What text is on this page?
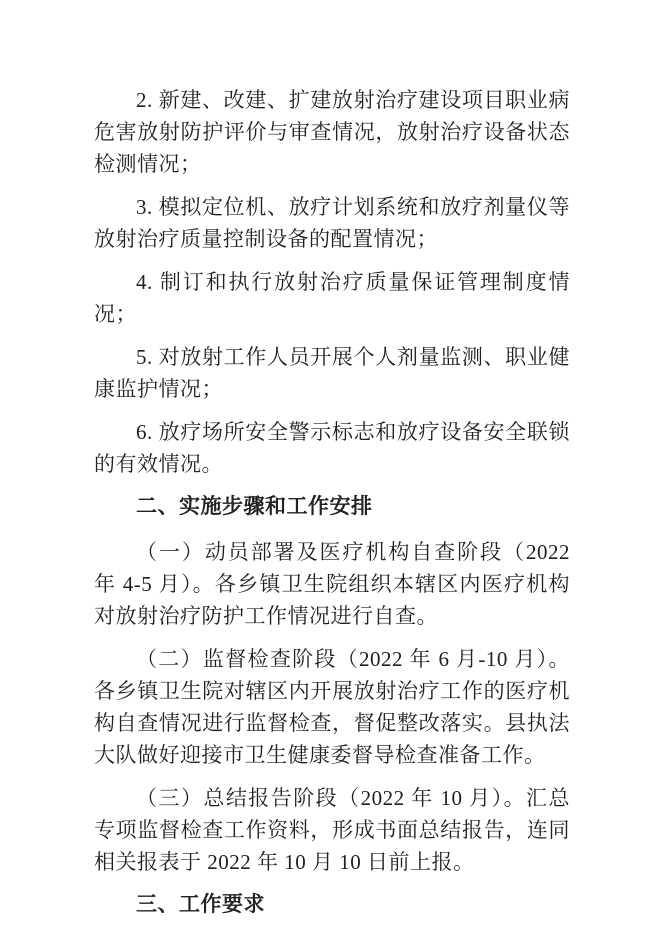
2. 新建、改建、扩建放射治疗建设项目职业病危害放射防护评价与审查情况，放射治疗设备状态检测情况；

3. 模拟定位机、放疗计划系统和放疗剂量仪等放射治疗质量控制设备的配置情况；

4. 制订和执行放射治疗质量保证管理制度情况；

5. 对放射工作人员开展个人剂量监测、职业健康监护情况；

6. 放疗场所安全警示标志和放疗设备安全联锁的有效情况。

二、实施步骤和工作安排

（一）动员部署及医疗机构自查阶段（2022 年 4-5 月）。各乡镇卫生院组织本辖区内医疗机构对放射治疗防护工作情况进行自查。

（二）监督检查阶段（2022 年 6 月-10 月）。各乡镇卫生院对辖区内开展放射治疗工作的医疗机构自查情况进行监督检查，督促整改落实。县执法大队做好迎接市卫生健康委督导检查准备工作。

（三）总结报告阶段（2022 年 10 月）。汇总专项监督检查工作资料，形成书面总结报告，连同相关报表于 2022 年 10 月 10 日前上报。

三、工作要求
